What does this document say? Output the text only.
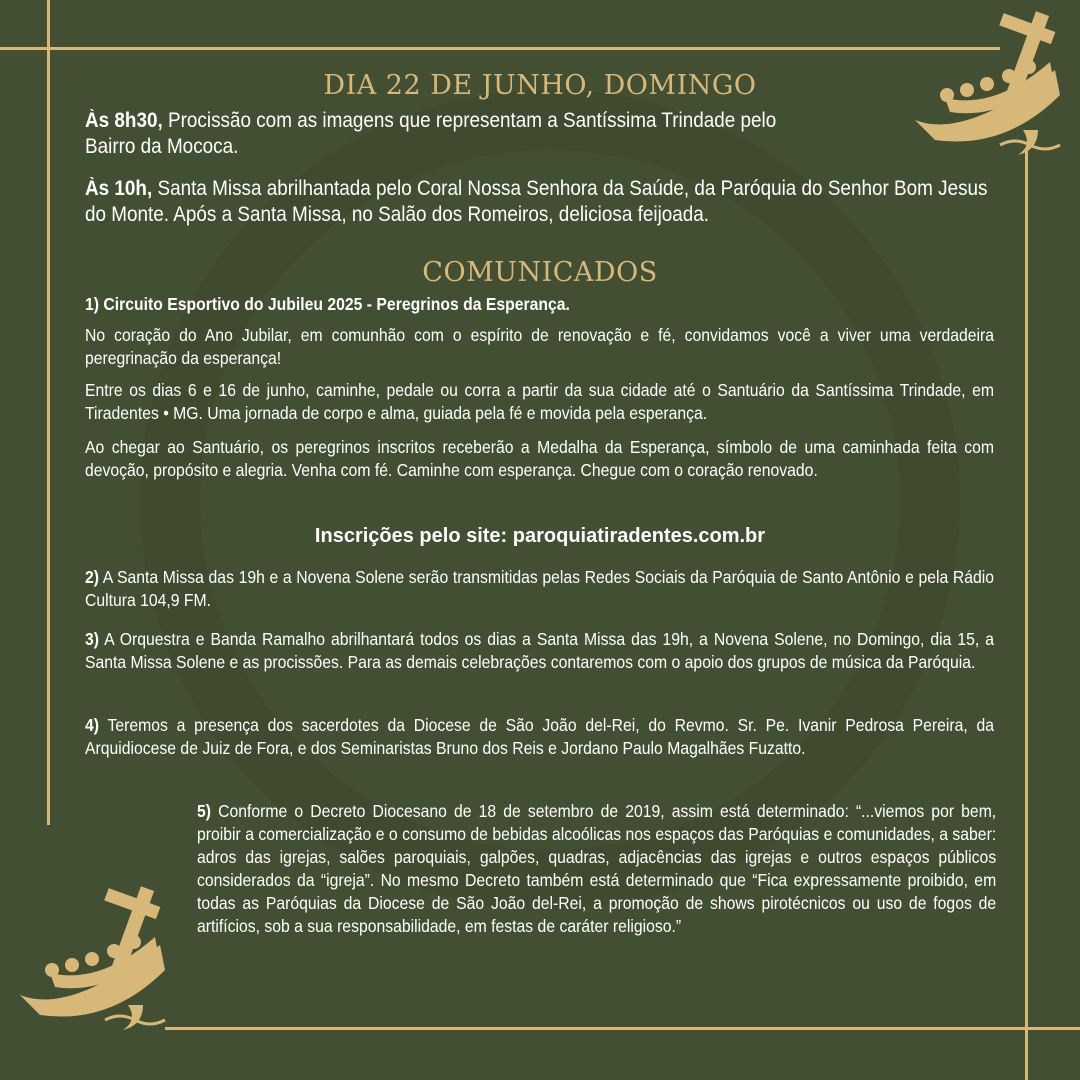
DIA 22 DE JUNHO, DOMINGO

Às 8h30, Procissão com as imagens que representam a Santíssima Trindade pelo Bairro da Mococa.

Às 10h, Santa Missa abrilhantada pelo Coral Nossa Senhora da Saúde, da Paróquia do Senhor Bom Jesus do Monte. Após a Santa Missa, no Salão dos Romeiros, deliciosa feijoada.

COMUNICADOS

1) Circuito Esportivo do Jubileu 2025 - Peregrinos da Esperança.

No coração do Ano Jubilar, em comunhão com o espírito de renovação e fé, convidamos você a viver uma verdadeira peregrinação da esperança!

Entre os dias 6 e 16 de junho, caminhe, pedale ou corra a partir da sua cidade até o Santuário da Santíssima Trindade, em Tiradentes • MG. Uma jornada de corpo e alma, guiada pela fé e movida pela esperança.

Ao chegar ao Santuário, os peregrinos inscritos receberão a Medalha da Esperança, símbolo de uma caminhada feita com devoção, propósito e alegria. Venha com fé. Caminhe com esperança. Chegue com o coração renovado.

Inscrições pelo site: paroquiatiradentes.com.br

2) A Santa Missa das 19h e a Novena Solene serão transmitidas pelas Redes Sociais da Paróquia de Santo Antônio e pela Rádio Cultura 104,9 FM.

3) A Orquestra e Banda Ramalho abrilhantará todos os dias a Santa Missa das 19h, a Novena Solene, no Domingo, dia 15, a Santa Missa Solene e as procissões. Para as demais celebrações contaremos com o apoio dos grupos de música da Paróquia.

4) Teremos a presença dos sacerdotes da Diocese de São João del-Rei, do Revmo. Sr. Pe. Ivanir Pedrosa Pereira, da Arquidiocese de Juiz de Fora, e dos Seminaristas Bruno dos Reis e Jordano Paulo Magalhães Fuzatto.

5) Conforme o Decreto Diocesano de 18 de setembro de 2019, assim está determinado: “...viemos por bem, proibir a comercialização e o consumo de bebidas alcoólicas nos espaços das Paróquias e comunidades, a saber: adros das igrejas, salões paroquiais, galpões, quadras, adjacências das igrejas e outros espaços públicos considerados da “igreja”. No mesmo Decreto também está determinado que “Fica expressamente proibido, em todas as Paróquias da Diocese de São João del-Rei, a promoção de shows pirotécnicos ou uso de fogos de artifícios, sob a sua responsabilidade, em festas de caráter religioso.”
